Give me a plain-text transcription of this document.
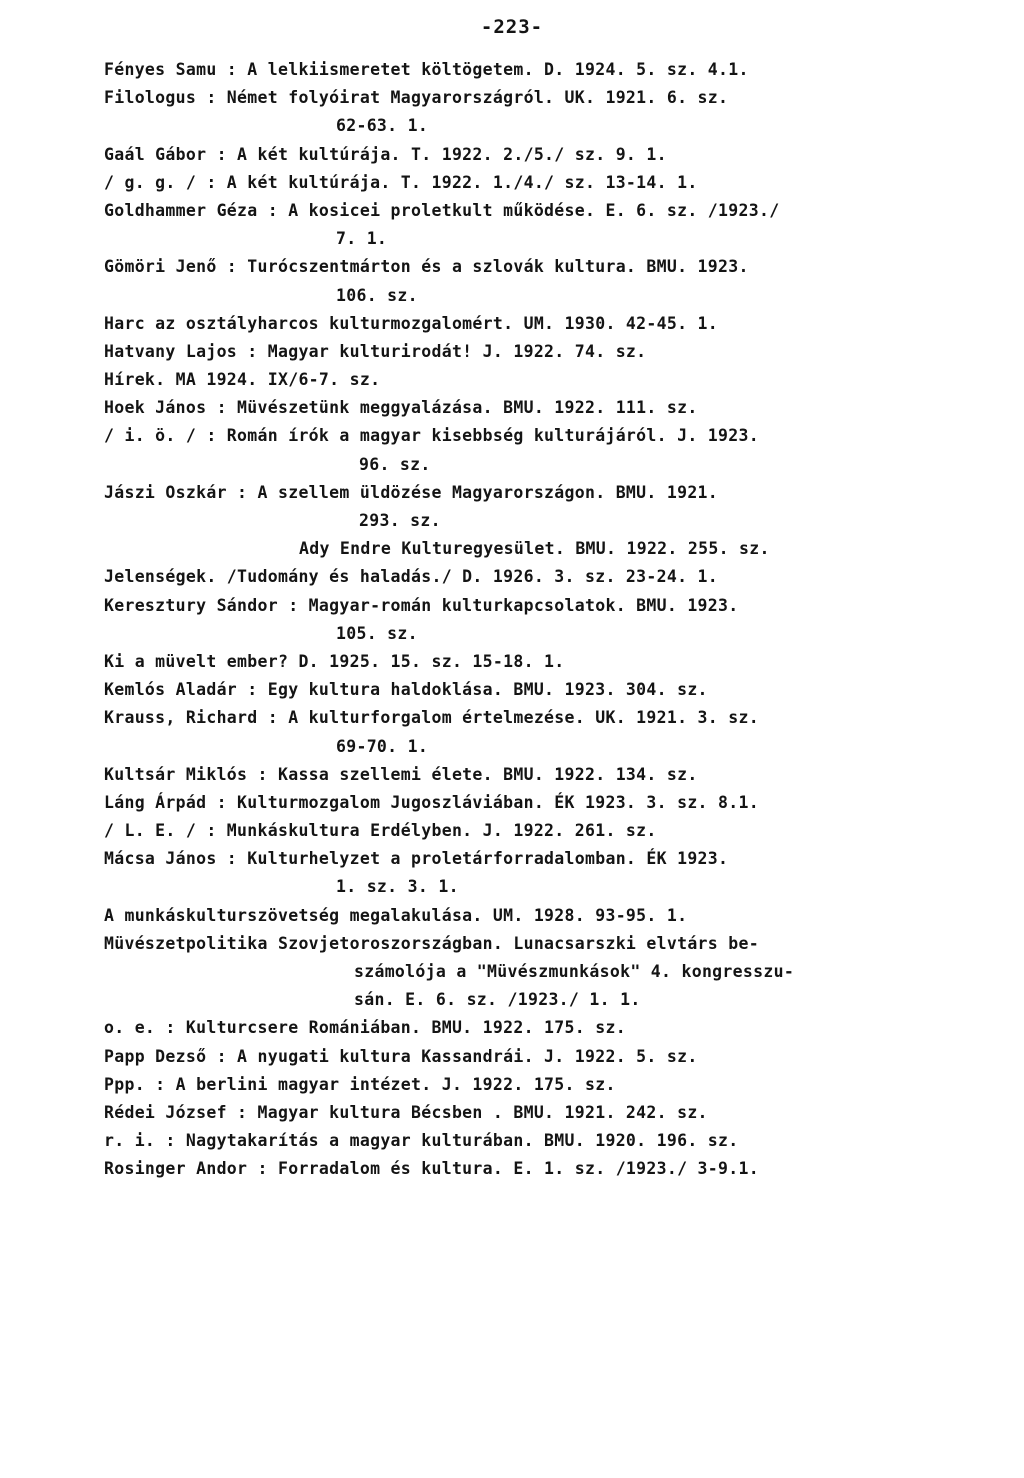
-223-
Fényes Samu : A lelkiismeretet költögetem. D. 1924. 5. sz. 4.1.
Filologus : Német folyóirat Magyarországról. UK. 1921. 6. sz.
62-63. 1.
Gaál Gábor : A két kultúrája. T. 1922. 2./5./ sz. 9. 1.
/ g. g. / : A két kultúrája. T. 1922. 1./4./ sz. 13-14. 1.
Goldhammer Géza : A kosicei proletkult működése. E. 6. sz. /1923./
7. 1.
Gömöri Jenő : Turócszentmárton és a szlovák kultura. BMU. 1923.
106. sz.
Harc az osztályharcos kulturmozgalomért. UM. 1930. 42-45. 1.
Hatvany Lajos : Magyar kulturirodát! J. 1922. 74. sz.
Hírek. MA 1924. IX/6-7. sz.
Hoek János : Müvészetünk meggyalázása. BMU. 1922. 111. sz.
/ i. ö. / : Román írók a magyar kisebbség kulturájáról. J. 1923.
96. sz.
Jászi Oszkár : A szellem üldözése Magyarországon. BMU. 1921.
293. sz.
Ady Endre Kulturegyesület. BMU. 1922. 255. sz.
Jelenségek. /Tudomány és haladás./ D. 1926. 3. sz. 23-24. 1.
Keresztury Sándor : Magyar-román kulturkapcsolatok. BMU. 1923.
105. sz.
Ki a müvelt ember? D. 1925. 15. sz. 15-18. 1.
Kemlós Aladár : Egy kultura haldoklása. BMU. 1923. 304. sz.
Krauss, Richard : A kulturforgalom értelmezése. UK. 1921. 3. sz.
69-70. 1.
Kultsár Miklós : Kassa szellemi élete. BMU. 1922. 134. sz.
Láng Árpád : Kulturmozgalom Jugoszláviában. ÉK 1923. 3. sz. 8.1.
/ L. E. / : Munkáskultura Erdélyben. J. 1922. 261. sz.
Mácsa János : Kulturhelyzet a proletárforradalomban. ÉK 1923.
1. sz. 3. 1.
A munkáskulturszövetség megalakulása. UM. 1928. 93-95. 1.
Müvészetpolitika Szovjetoroszországban. Lunacsarszki elvtárs be-
számolója a "Müvészmunkások" 4. kongresszu-
sán. E. 6. sz. /1923./ 1. 1.
o. e. : Kulturcsere Romániában. BMU. 1922. 175. sz.
Papp Dezső : A nyugati kultura Kassandrái. J. 1922. 5. sz.
Ppp. : A berlini magyar intézet. J. 1922. 175. sz.
Rédei József : Magyar kultura Bécsben . BMU. 1921. 242. sz.
r. i. : Nagytakarítás a magyar kulturában. BMU. 1920. 196. sz.
Rosinger Andor : Forradalom és kultura. E. 1. sz. /1923./ 3-9.1.
